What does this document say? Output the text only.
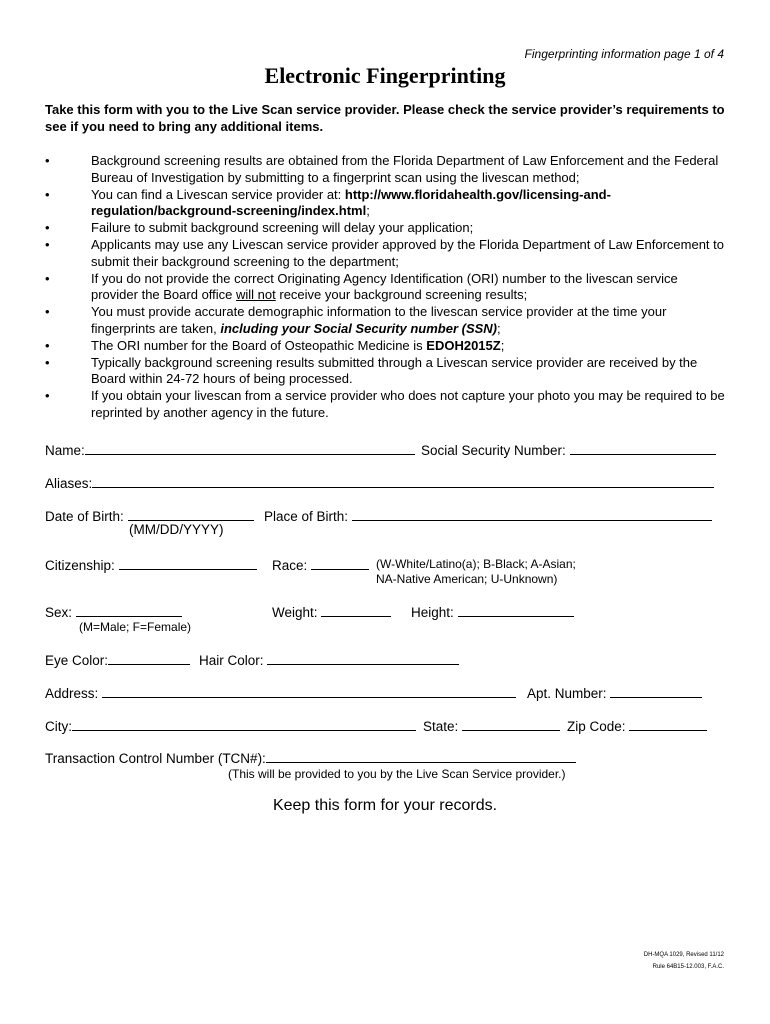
Fingerprinting information page 1 of 4
Electronic Fingerprinting
Take this form with you to the Live Scan service provider. Please check the service provider’s requirements to see if you need to bring any additional items.
• Background screening results are obtained from the Florida Department of Law Enforcement and the Federal Bureau of Investigation by submitting to a fingerprint scan using the livescan method;
• You can find a Livescan service provider at: http://www.floridahealth.gov/licensing-and-regulation/background-screening/index.html;
• Failure to submit background screening will delay your application;
• Applicants may use any Livescan service provider approved by the Florida Department of Law Enforcement to submit their background screening to the department;
• If you do not provide the correct Originating Agency Identification (ORI) number to the livescan service provider the Board office will not receive your background screening results;
• You must provide accurate demographic information to the livescan service provider at the time your fingerprints are taken, including your Social Security number (SSN);
• The ORI number for the Board of Osteopathic Medicine is EDOH2015Z;
• Typically background screening results submitted through a Livescan service provider are received by the Board within 24-72 hours of being processed.
• If you obtain your livescan from a service provider who does not capture your photo you may be required to be reprinted by another agency in the future.
Name:	Social Security Number:
Aliases:
Date of Birth:
(MM/DD/YYYY)
Place of Birth:
Citizenship:	Race:	(W-White/Latino(a); B-Black; A-Asian;
NA-Native American; U-Unknown)
Sex:
(M=Male; F=Female)
Weight:	Height:
Eye Color:	Hair Color:
Address:	Apt. Number:
City:	State:	Zip Code:
Transaction Control Number (TCN#):
(This will be provided to you by the Live Scan Service provider.)
Keep this form for your records.
DH-MQA 1029, Revised 11/12
Rule 64B15-12.003, F.A.C.
